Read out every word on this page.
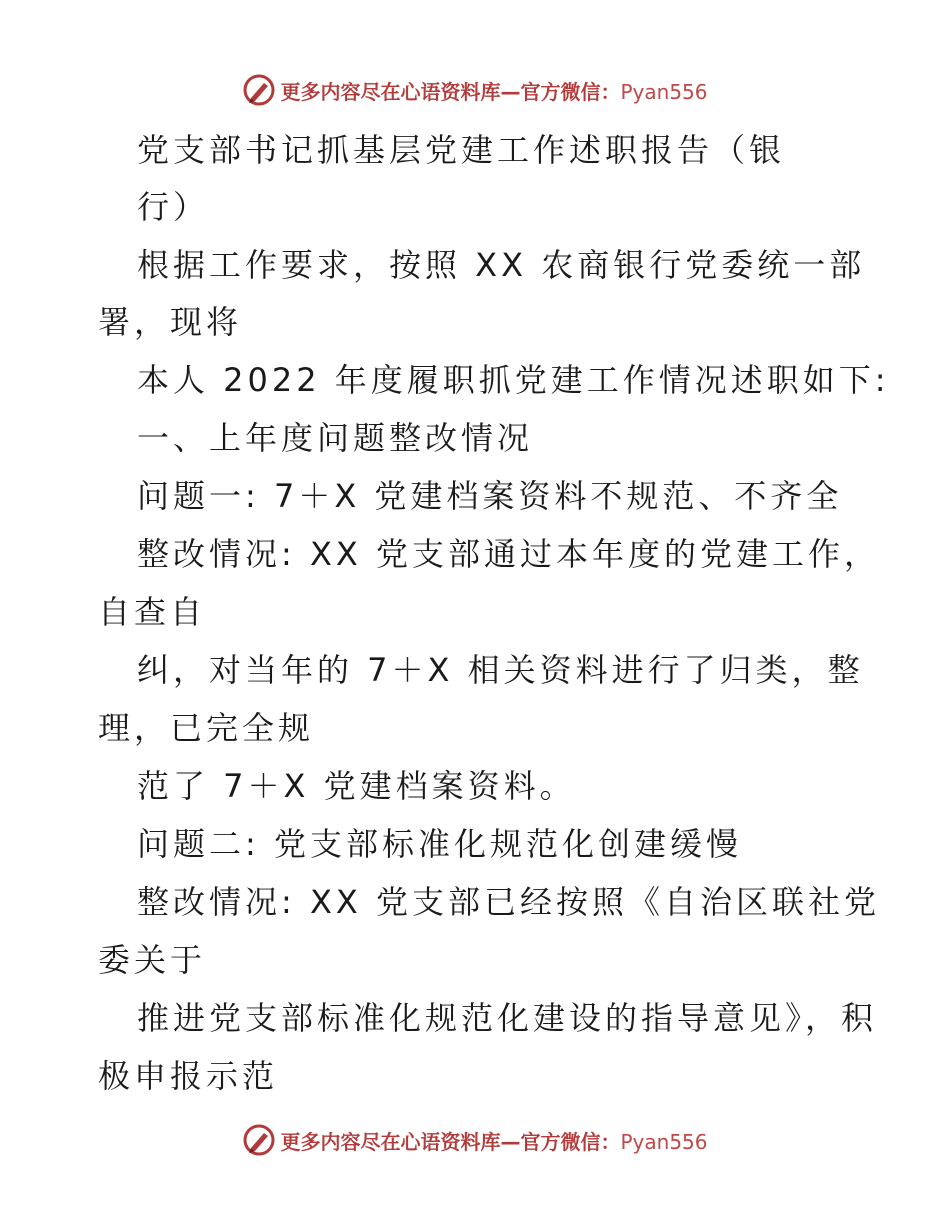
更多内容尽在心语资料库—官方微信：Pyan556
党支部书记抓基层党建工作述职报告（银
行）
根据工作要求，按照 XX 农商银行党委统一部
署，现将
本人 2022 年度履职抓党建工作情况述职如下:
一、上年度问题整改情况
问题一: 7＋X 党建档案资料不规范、不齐全
整改情况: XX 党支部通过本年度的党建工作，
自查自
纠，对当年的 7＋X 相关资料进行了归类，整
理，已完全规
范了 7＋X 党建档案资料。
问题二: 党支部标准化规范化创建缓慢
整改情况: XX 党支部已经按照《自治区联社党
委关于
推进党支部标准化规范化建设的指导意见》，积
极申报示范
更多内容尽在心语资料库—官方微信：Pyan556
